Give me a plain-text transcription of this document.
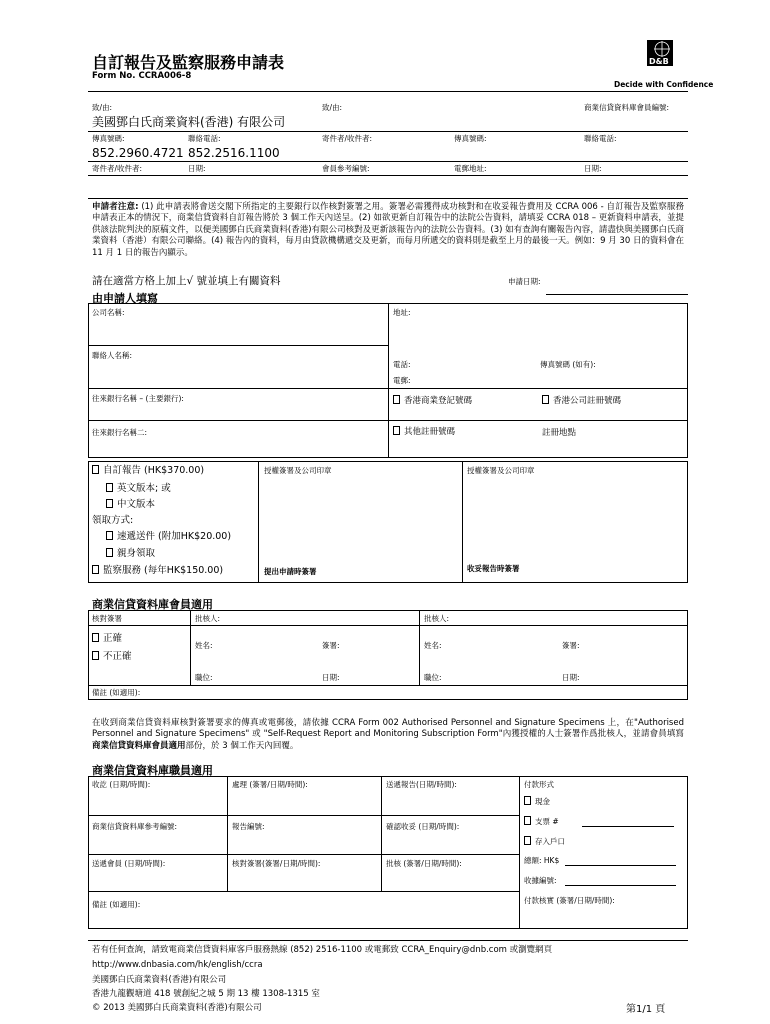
自訂報告及監察服務申請表
Form No. CCRA006-8
D&B
Decide with Confidence
致/由:	致/由:	商業信貸資料庫會員編號:
美國鄧白氏商業資料(香港) 有限公司
傳真號碼:	聯絡電話:	寄件者/收件者:	傳真號碼:	聯絡電話:
852.2960.4721 852.2516.1100
寄件者/收件者:	日期:	會員參考編號:	電郵地址:	日期:
申請者注意: (1) 此申請表將會送交閣下所指定的主要銀行以作核對簽署之用。簽署必需獲得成功核對和在收妥報告費用及 CCRA 006 - 自訂報告及監察服務申請表正本的情況下，商業信貸資料自訂報告將於 3 個工作天內送呈。(2) 如欲更新自訂報告中的法院公告資料，請填妥 CCRA 018 – 更新資料申請表，並提供該法院判決的原稿文件，以便美國鄧白氏商業資料(香港)有限公司核對及更新該報告內的法院公告資料。(3) 如有查詢有關報告內容，請盡快與美國鄧白氏商業資料（香港）有限公司聯絡。(4) 報告內的資料，每月由貸款機構遞交及更新，而每月所遞交的資料則是截至上月的最後一天。例如：9 月 30 日的資料會在 11 月 1 日的報告內顯示。
請在適當方格上加上√ 號並填上有關資料
由申請人填寫
申請日期:
公司名稱:	地址:
聯絡人名稱:
電話:	傳真號碼 (如有):
電郵:
往來銀行名稱 – (主要銀行):	香港商業登記號碼	香港公司註冊號碼
往來銀行名稱二:	其他註冊號碼	註冊地點
自訂報告 (HK$370.00)
英文版本; 或
中文版本
領取方式:
速遞送件 (附加HK$20.00)
親身領取
監察服務 (每年HK$150.00)
授權簽署及公司印章	授權簽署及公司印章
提出申請時簽署	收妥報告時簽署
商業信貸資料庫會員適用
核對簽署	批核人:	批核人:
正確
不正確
姓名:	簽署:	姓名:	簽署:
職位:	日期:	職位:	日期:
備註 (如適用):
在收到商業信貸資料庫核對簽署要求的傳真或電郵後，請依據 CCRA Form 002 Authorised Personnel and Signature Specimens 上，在"Authorised Personnel and Signature Specimens" 或 "Self-Request Report and Monitoring Subscription Form"內獲授權的人士簽署作爲批核人，並請會員填寫商業信貸資料庫會員適用部份，於 3 個工作天內回覆。
商業信貸資料庫職員適用
收訖 (日期/時間):	處理 (簽署/日期/時間):	送遞報告(日期/時間):	付款形式
現金
支票 #
存入戶口
商業信貸資料庫參考編號:	報告編號:	確認收妥 (日期/時間):
送遞會員 (日期/時間):	核對簽署(簽署/日期/時間):	批核 (簽署/日期/時間):	總額: HK$
收據編號:
付款核實 (簽署/日期/時間):
備註 (如適用):
若有任何查詢，請致電商業信貸資料庫客戶服務熱線 (852) 2516-1100 或電郵致 CCRA_Enquiry@dnb.com 或瀏覽網頁
http://www.dnbasia.com/hk/english/ccra
美國鄧白氏商業資料(香港)有限公司
香港九龍觀塘道 418 號創紀之城 5 期 13 樓 1308-1315 室
© 2013 美國鄧白氏商業資料(香港)有限公司	第1/1 頁
